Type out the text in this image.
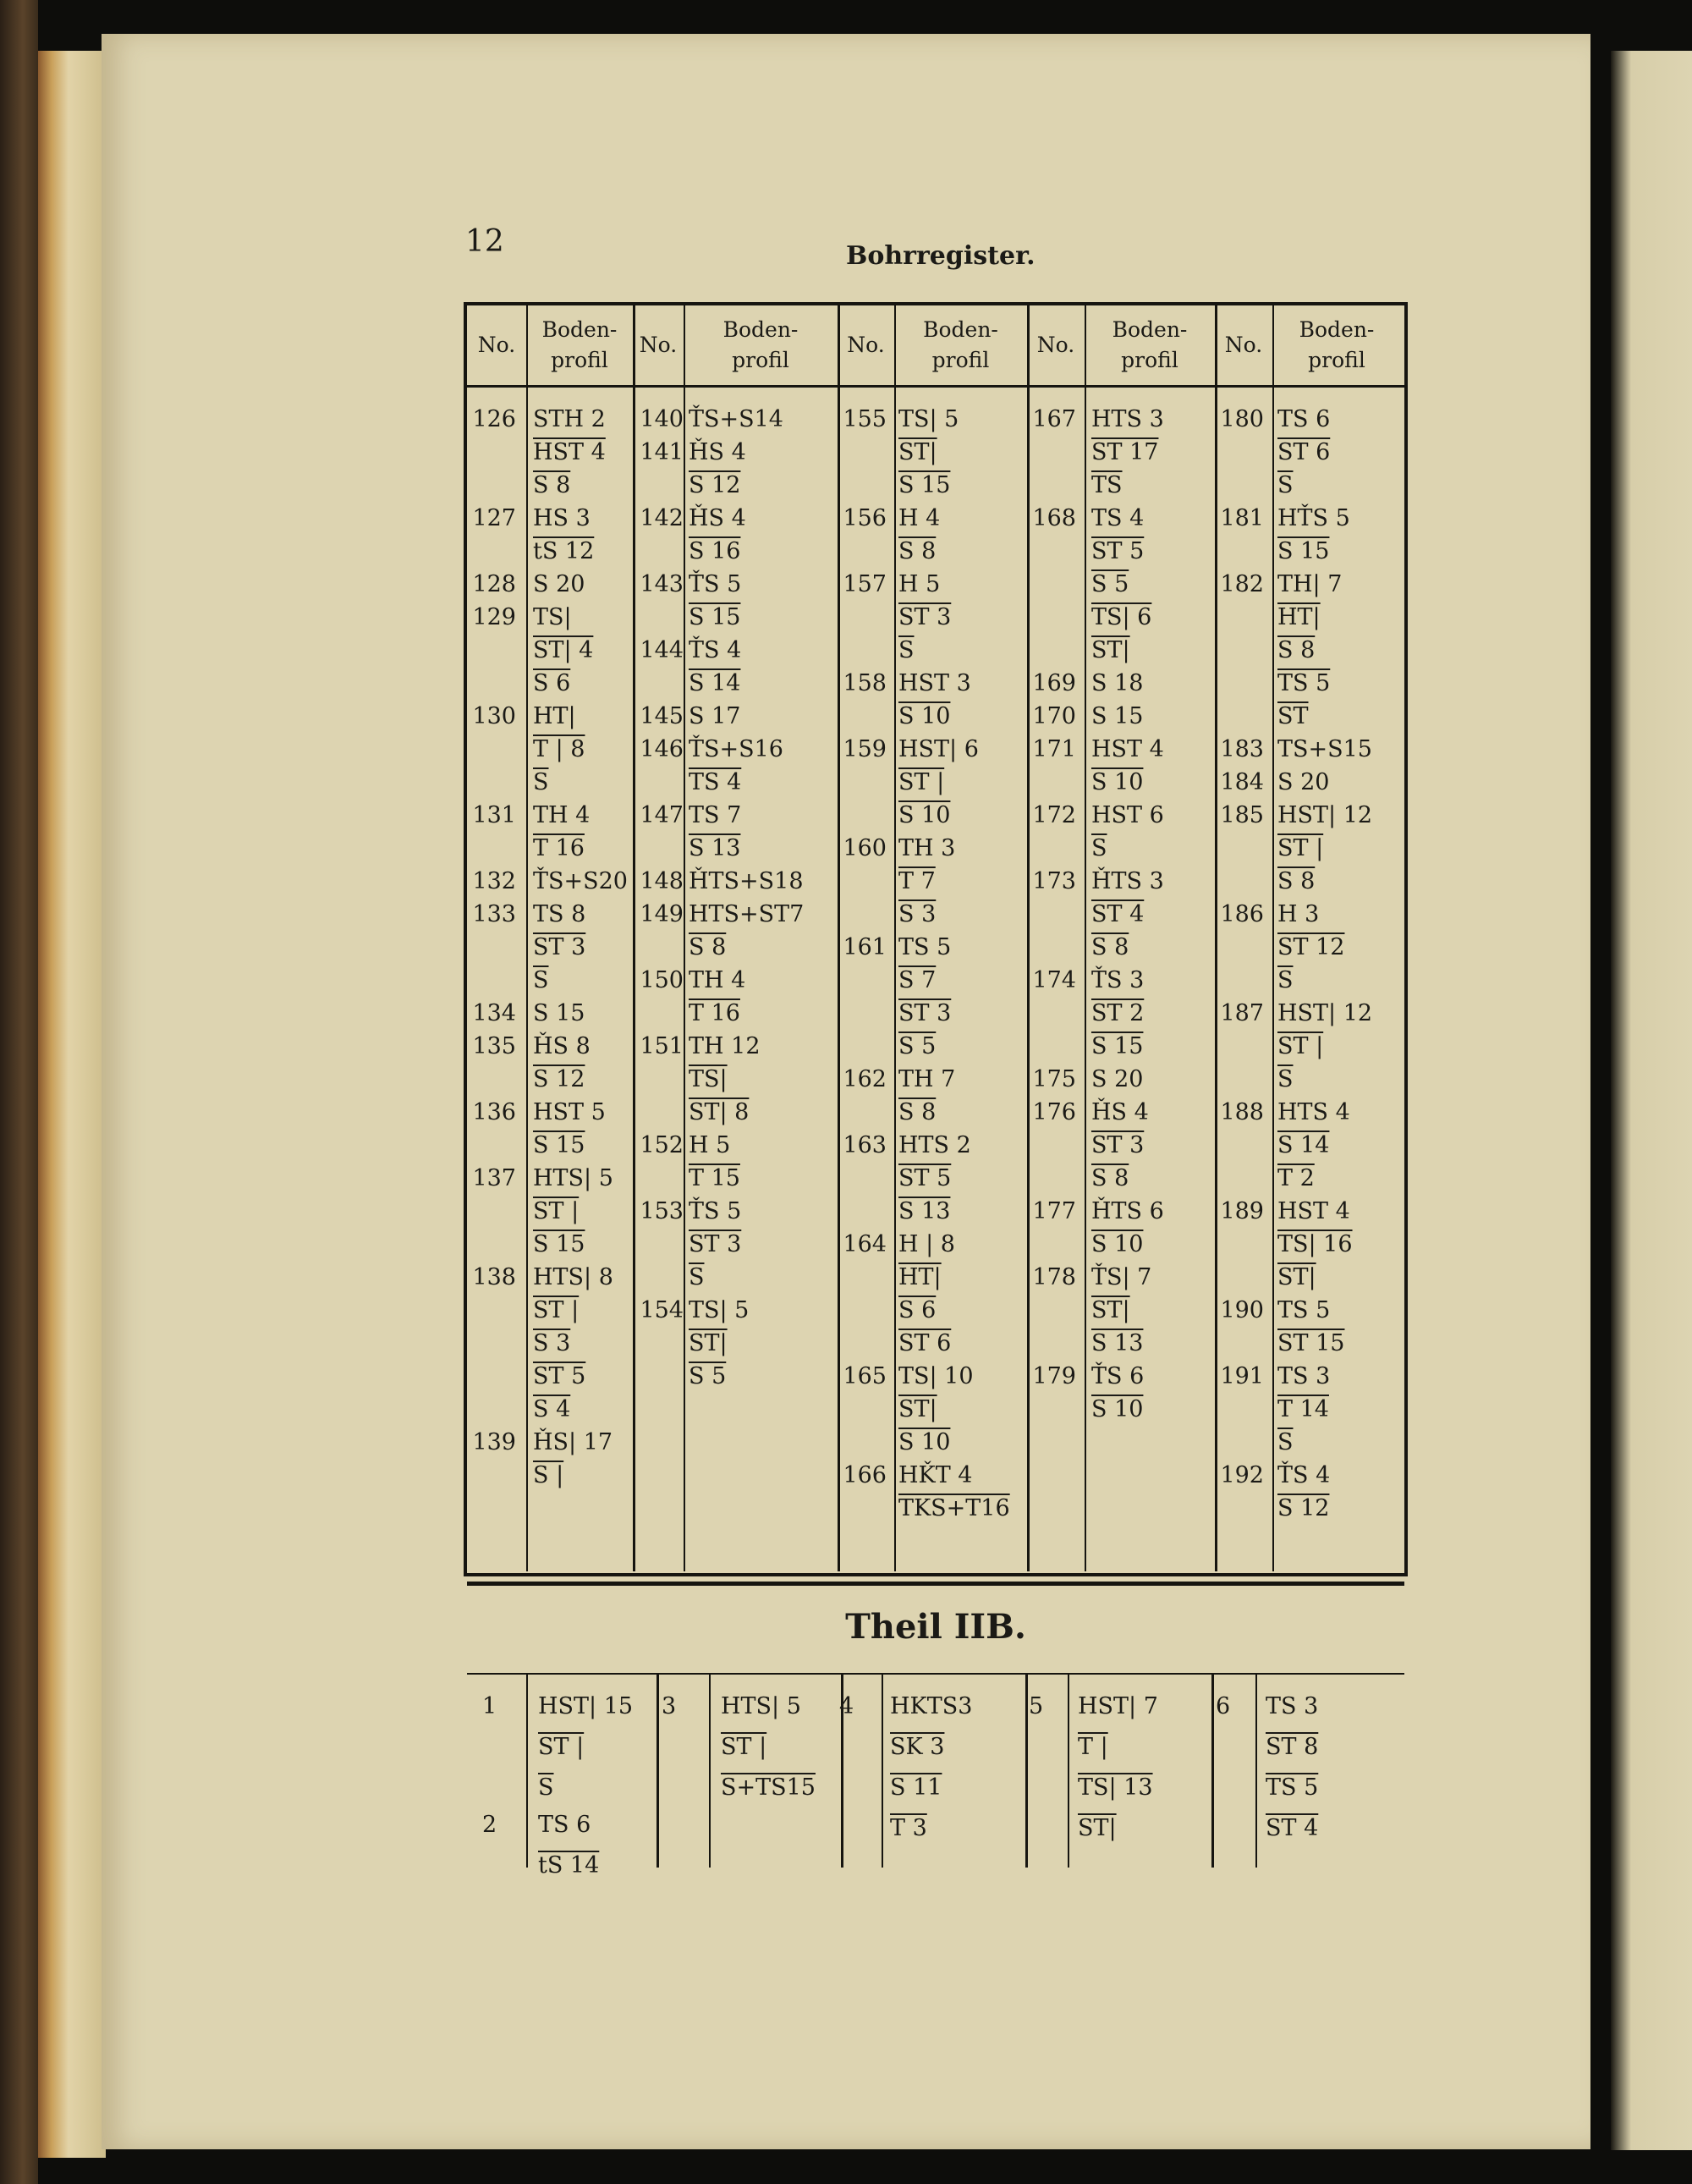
12	Bohrregister.
No.
Boden-
profil
No.
Boden-
profil
No.
Boden-
profil
No.
Boden-
profil
No.
Boden-
profil
Theil IIB.
126 STH 2
HST 4
S 8
127 HS 3
tS 12
128 S 20
129 TS|
ST| 4
S 6
130 HT|
T | 8
$\overline{S}$
131 TH 4
T 16
132 ŤS+S20
133 TS 8
ST 3
$\overline{S}$
134 S 15
135 ȞS 8
S 12
136 HST 5
S 15
137 HTS| 5
ST |
S 15
138 HTS| 8
ST |
S 3
ST 5
S 4
139 ȞS| 17
S |
140 ŤS+S14
141 ȞS 4
S 12
142 ȞS 4
S 16
143 ŤS 5
S 15
144 ŤS 4
S 14
145 S 17
146 ŤS+S16
TS 4
147 TS 7
S 13
148 ȞTS+S18
149 HTS+ST7
S 8
150 TH 4
T 16
151 TH 12
TS|
ST| 8
152 H 5
T 15
153 ŤS 5
ST 3
$\overline{S}$
154 TS| 5
ST|
S 5
155 TS| 5
ST|
S 15
156 H 4
S 8
157 H 5
ST 3
$\overline{S}$
158 HST 3
S 10
159 HST| 6
ST |
S 10
160 TH 3
T 7
S 3
161 TS 5
S 7
ST 3
S 5
162 TH 7
S 8
163 HTS 2
ST 5
S 13
164 H | 8
HT|
S 6
ST 6
165 TS| 10
ST|
S 10
166 HǨT 4
TKS+T16
167 HTS 3
ST 17
$\overline{TS}$
168 TS 4
ST 5
S 5
TS| 6
ST|
169 S 18
170 S 15
171 HST 4
S 10
172 HST 6
$\overline{S}$
173 ȞTS 3
ST 4
S 8
174 ŤS 3
ST 2
S 15
175 S 20
176 ȞS 4
ST 3
S 8
177 ȞTS 6
S 10
178 ŤS| 7
ST|
S 13
179 ŤS 6
S 10
180 TS 6
ST 6
$\overline{S}$
181 HŤS 5
S 15
182 TH| 7
HT|
S 8
TS 5
$\overline{ST}$
183 TS+S15
184 S 20
185 HST| 12
ST |
S 8
186 H 3
ST 12
$\overline{S}$
187 HST| 12
ST |
$\overline{S}$
188 HTS 4
S 14
T 2
189 HST 4
TS| 16
ST|
190 TS 5
ST 15
191 TS 3
T 14
$\overline{S}$
192 ŤS 4
S 12
1 HST| 15
ST |
$\overline{S}$
2 TS 6
tS 14
3 HTS| 5
ST |
S+TS15
4 HKTS3
SK 3
S 11
T 3
5 HST| 7
T |
TS| 13
ST|
6 TS 3
ST 8
TS 5
ST 4
